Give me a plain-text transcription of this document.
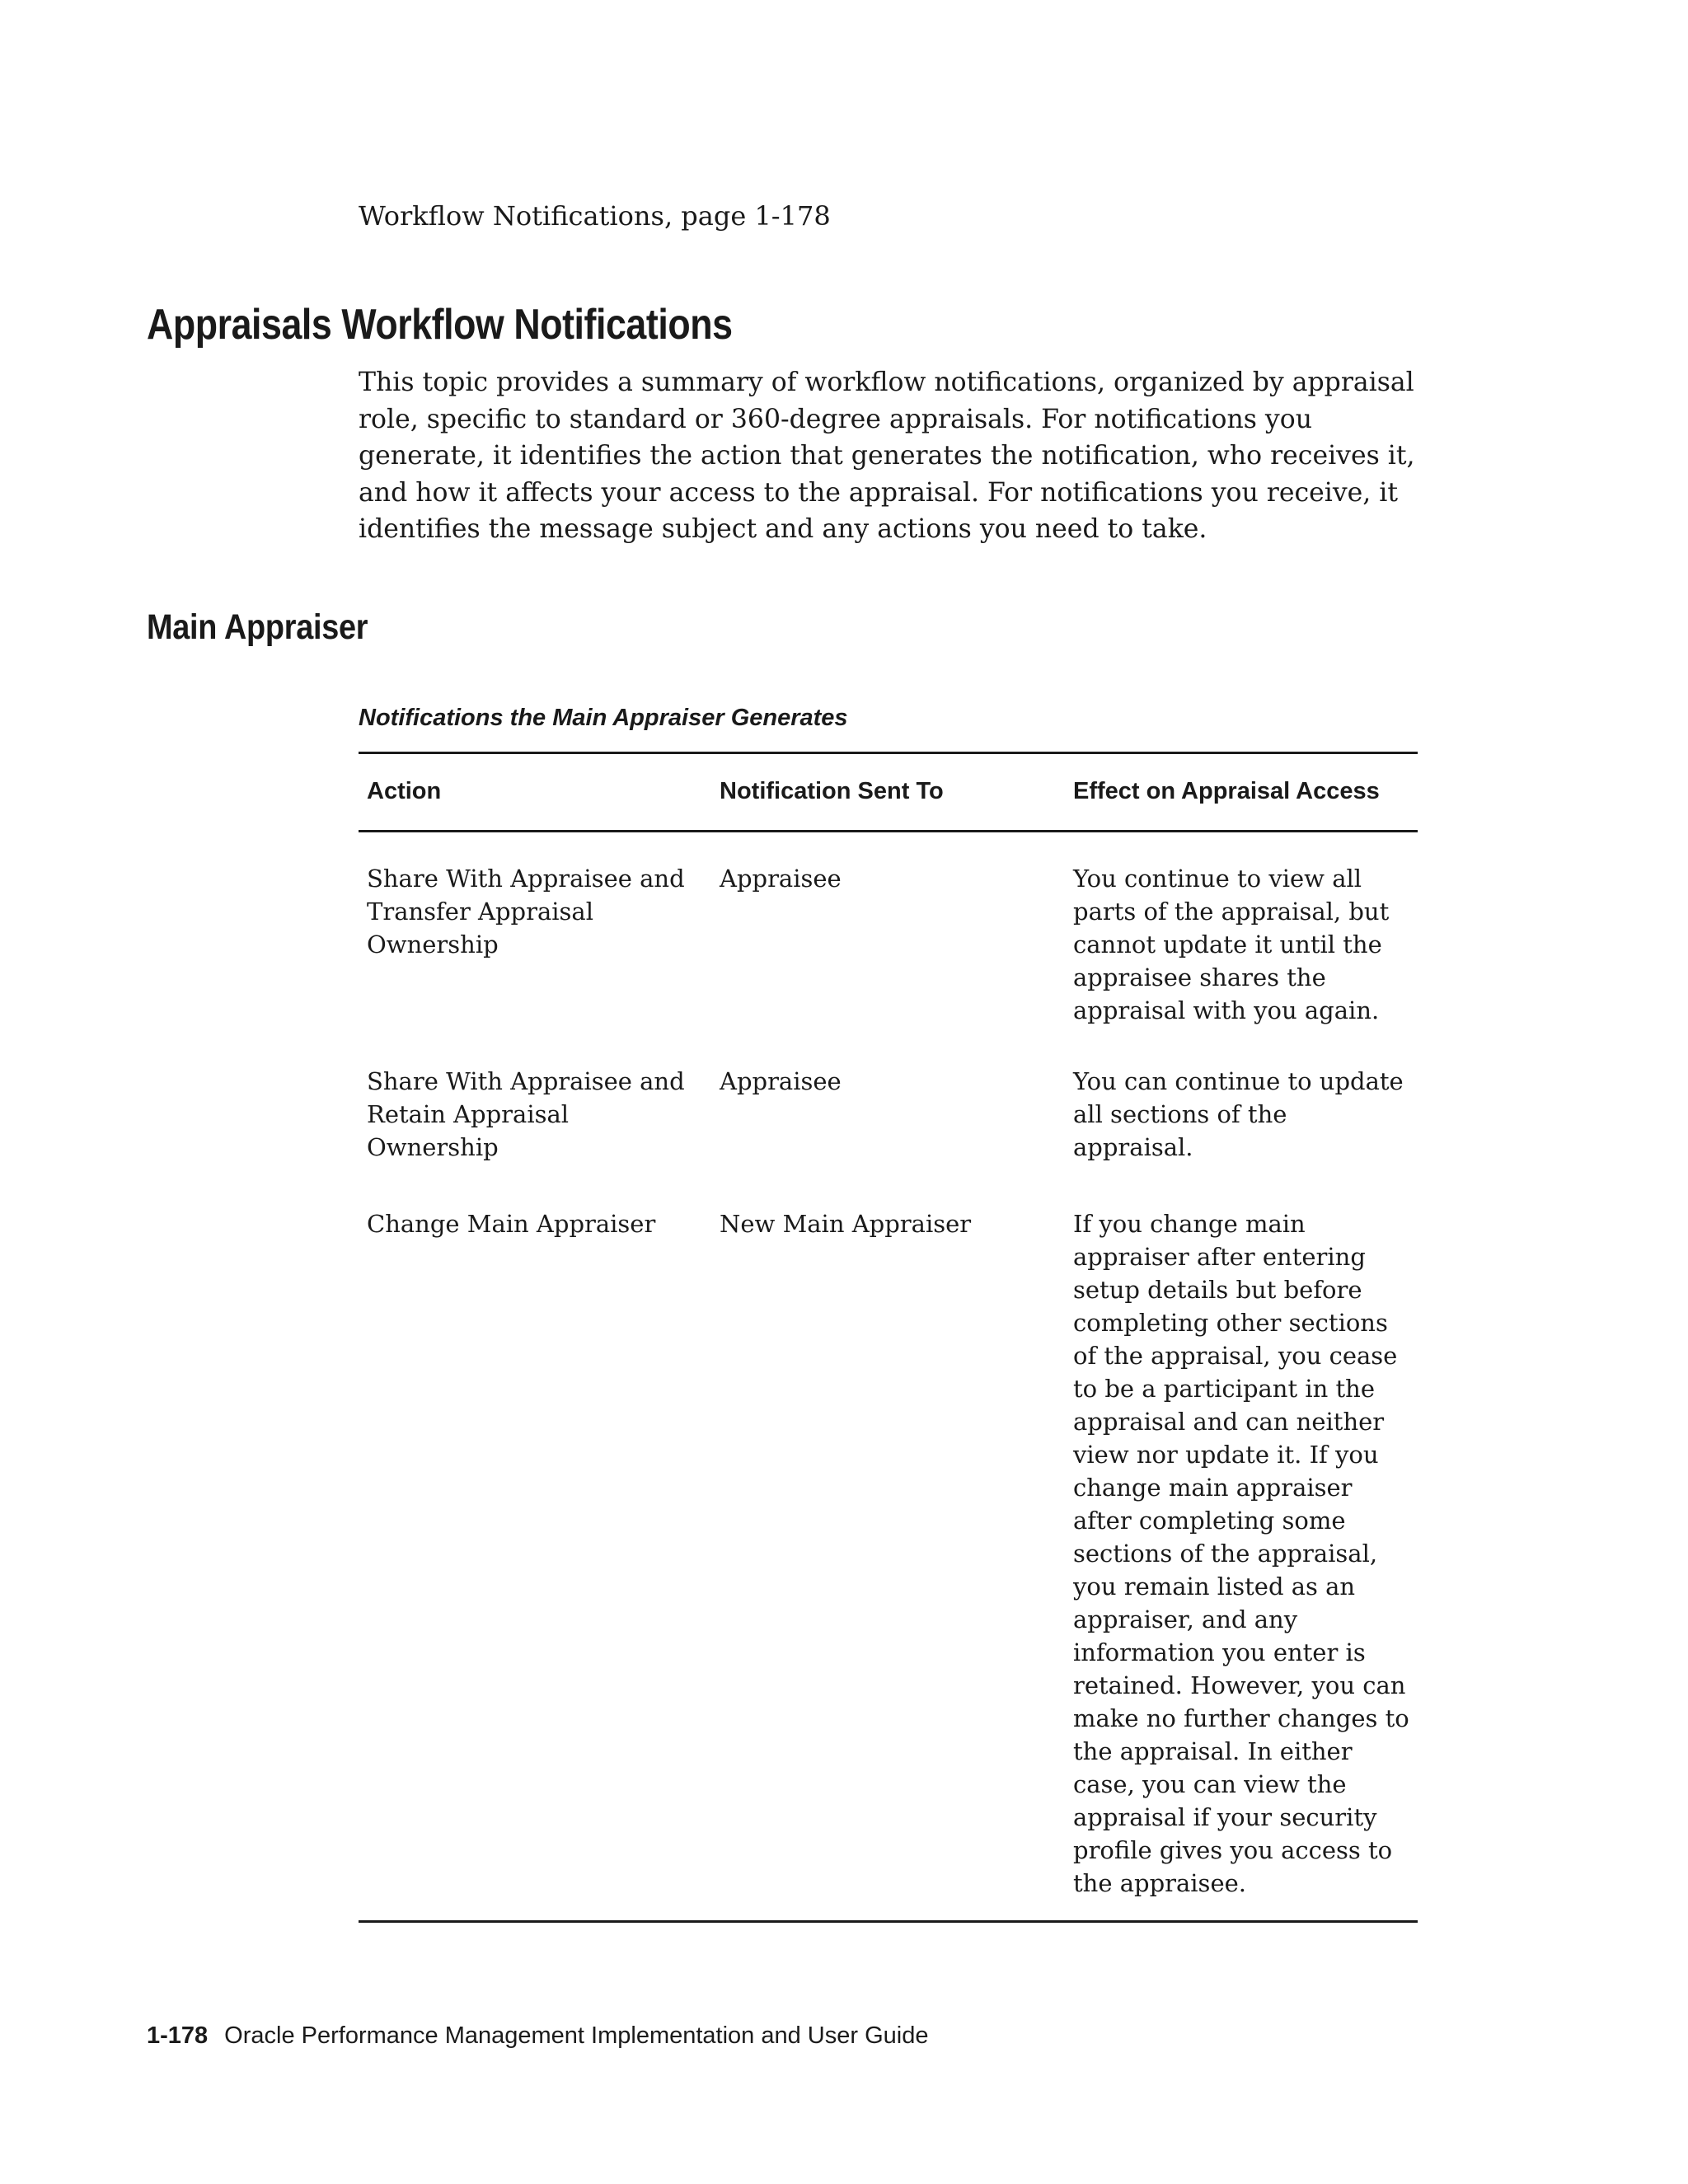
Workflow Notifications, page 1-178

Appraisals Workflow Notifications

This topic provides a summary of workflow notifications, organized by appraisal role, specific to standard or 360-degree appraisals. For notifications you generate, it identifies the action that generates the notification, who receives it, and how it affects your access to the appraisal. For notifications you receive, it identifies the message subject and any actions you need to take.

Main Appraiser

Notifications the Main Appraiser Generates

Action	Notification Sent To	Effect on Appraisal Access
Share With Appraisee and Transfer Appraisal Ownership	Appraisee	You continue to view all parts of the appraisal, but cannot update it until the appraisee shares the appraisal with you again.
Share With Appraisee and Retain Appraisal Ownership	Appraisee	You can continue to update all sections of the appraisal.
Change Main Appraiser	New Main Appraiser	If you change main appraiser after entering setup details but before completing other sections of the appraisal, you cease to be a participant in the appraisal and can neither view nor update it. If you change main appraiser after completing some sections of the appraisal, you remain listed as an appraiser, and any information you enter is retained. However, you can make no further changes to the appraisal. In either case, you can view the appraisal if your security profile gives you access to the appraisee.

1-178 Oracle Performance Management Implementation and User Guide
